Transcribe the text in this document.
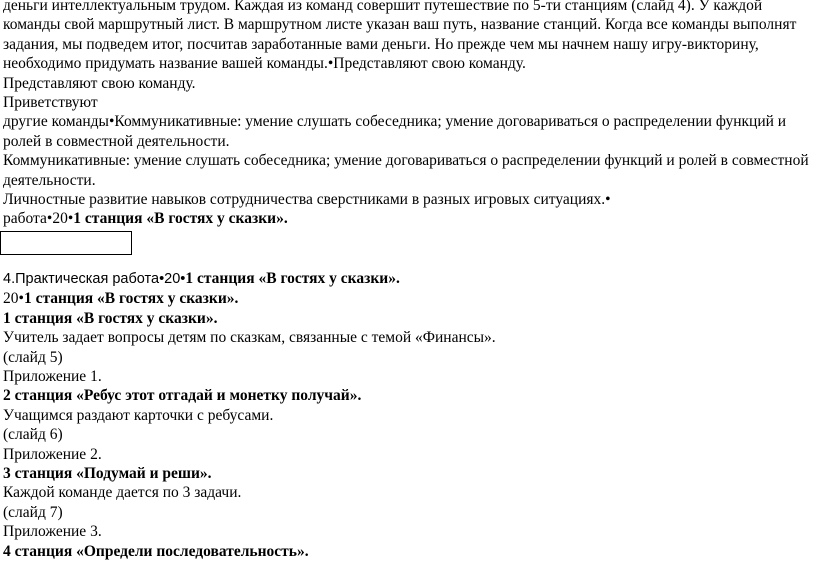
деньги интеллектуальным трудом. Каждая из команд совершит путешествие по 5-ти станциям (слайд 4). У каждой команды свой маршрутный лист. В маршрутном листе указан ваш путь, название станций. Когда все команды выполнят задания, мы подведем итог, посчитав заработанные вами деньги. Но прежде чем мы начнем нашу игру-викторину, необходимо придумать название вашей команды.•Представляют свою команду.

Представляют свою команду.

Приветствуют

другие команды•Коммуникативные: умение слушать собеседника; умение договариваться о распределении функций и ролей в совместной деятельности.

Коммуникативные: умение слушать собеседника; умение договариваться о распределении функций и ролей в совместной деятельности.

Личностные развитие навыков сотрудничества сверстниками в разных игровых ситуациях.•

работа•20•1 станция «В гостях у сказки».

4.Практическая работа•20•1 станция «В гостях у сказки».

20•1 станция «В гостях у сказки».

1 станция «В гостях у сказки».

Учитель задает вопросы детям по сказкам, связанные с темой «Финансы».

(слайд 5)

Приложение 1.

2 станция «Ребус этот отгадай и монетку получай».

Учащимся раздают карточки с ребусами.

(слайд 6)

Приложение 2.

3 станция «Подумай и реши».

Каждой команде дается по 3 задачи.

(слайд 7)

Приложение 3.

4 станция «Определи последовательность».
